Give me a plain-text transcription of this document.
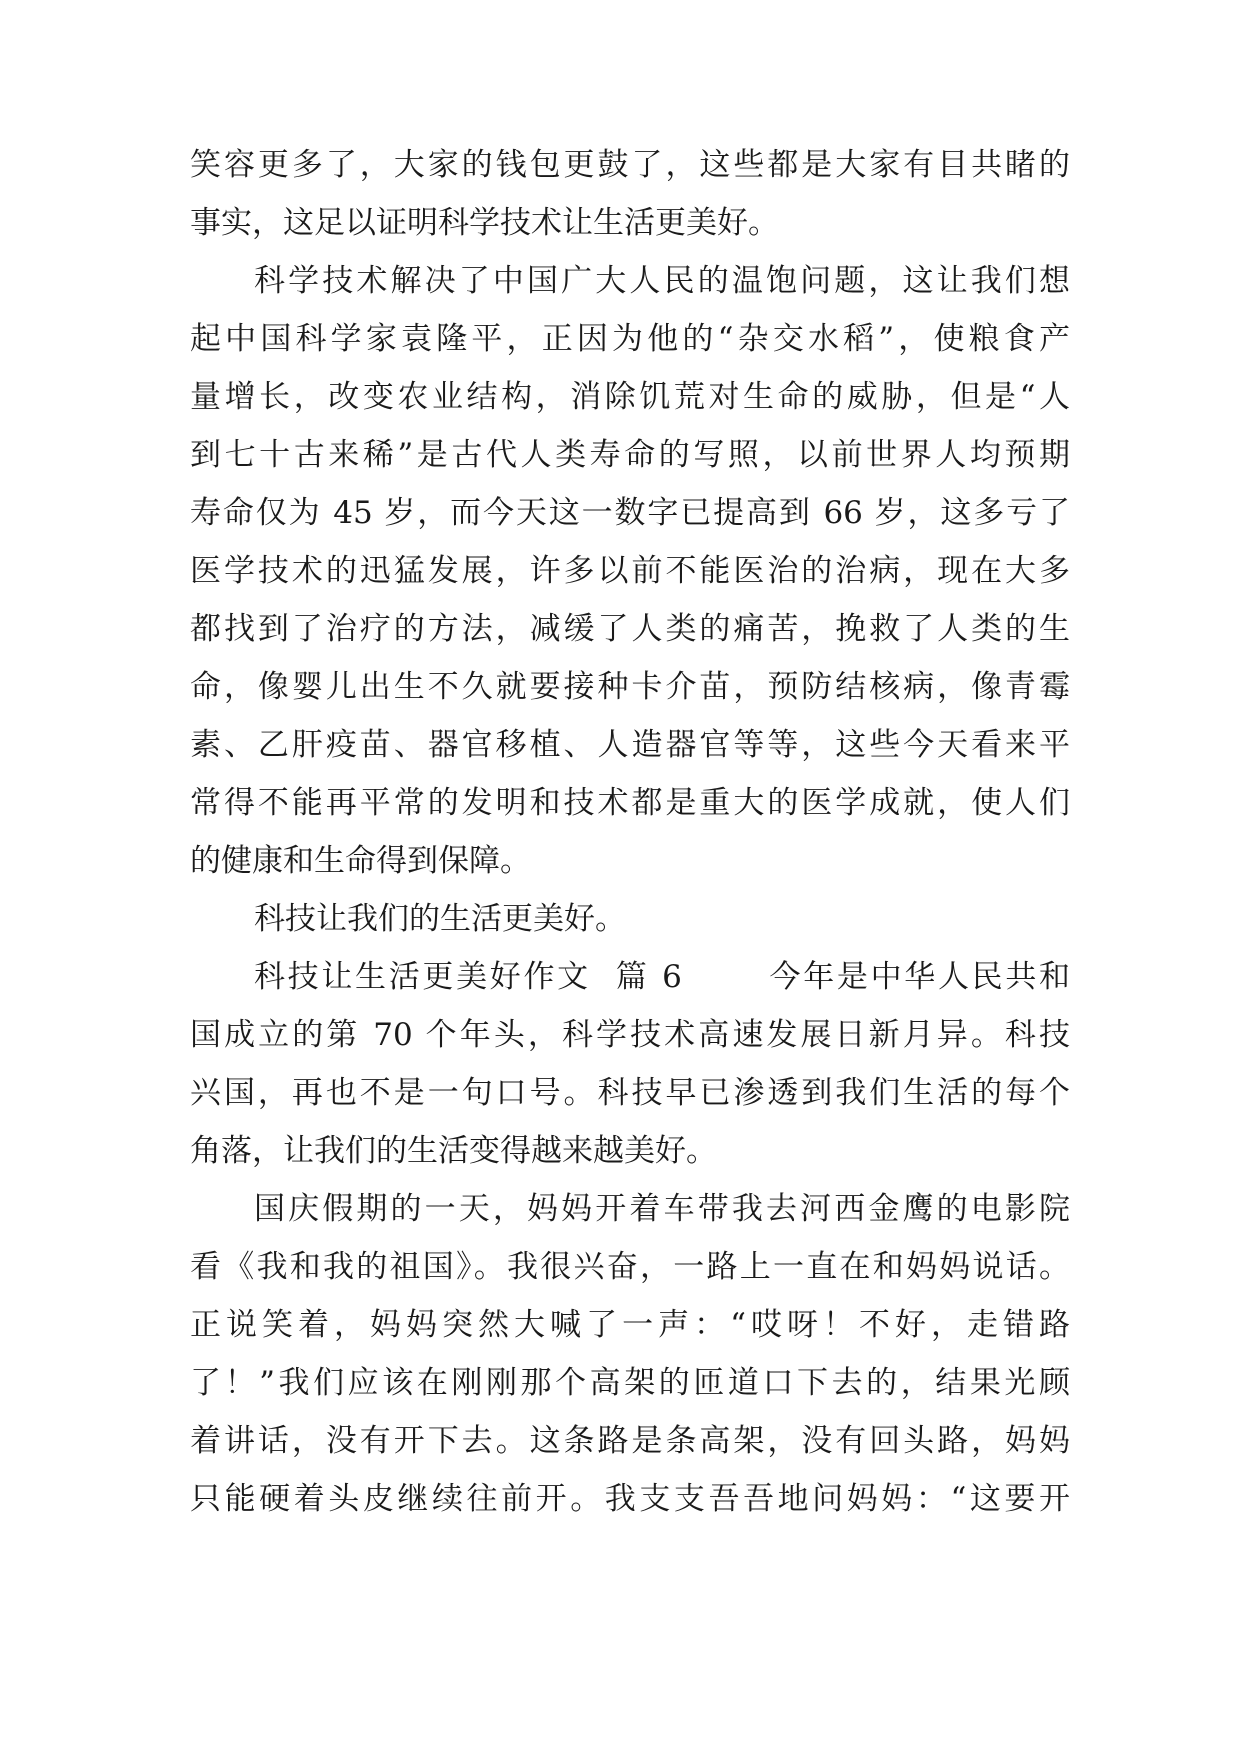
笑容更多了，大家的钱包更鼓了，这些都是大家有目共睹的
事实，这足以证明科学技术让生活更美好。
科学技术解决了中国广大人民的温饱问题，这让我们想
起中国科学家袁隆平，正因为他的“杂交水稻”，使粮食产
量增长，改变农业结构，消除饥荒对生命的威胁，但是“人
到七十古来稀”是古代人类寿命的写照，以前世界人均预期
寿命仅为 45 岁，而今天这一数字已提高到 66 岁，这多亏了
医学技术的迅猛发展，许多以前不能医治的治病，现在大多
都找到了治疗的方法，减缓了人类的痛苦，挽救了人类的生
命，像婴儿出生不久就要接种卡介苗，预防结核病，像青霉
素、乙肝疫苗、器官移植、人造器官等等，这些今天看来平
常得不能再平常的发明和技术都是重大的医学成就，使人们
的健康和生命得到保障。
科技让我们的生活更美好。
科技让生活更美好作文  篇 6       今年是中华人民共和
国成立的第 70 个年头，科学技术高速发展日新月异。科技
兴国，再也不是一句口号。科技早已渗透到我们生活的每个
角落，让我们的生活变得越来越美好。
国庆假期的一天，妈妈开着车带我去河西金鹰的电影院
看《我和我的祖国》。我很兴奋，一路上一直在和妈妈说话。
正说笑着，妈妈突然大喊了一声：“哎呀！不好，走错路
了！”我们应该在刚刚那个高架的匝道口下去的，结果光顾
着讲话，没有开下去。这条路是条高架，没有回头路，妈妈
只能硬着头皮继续往前开。我支支吾吾地问妈妈：“这要开
